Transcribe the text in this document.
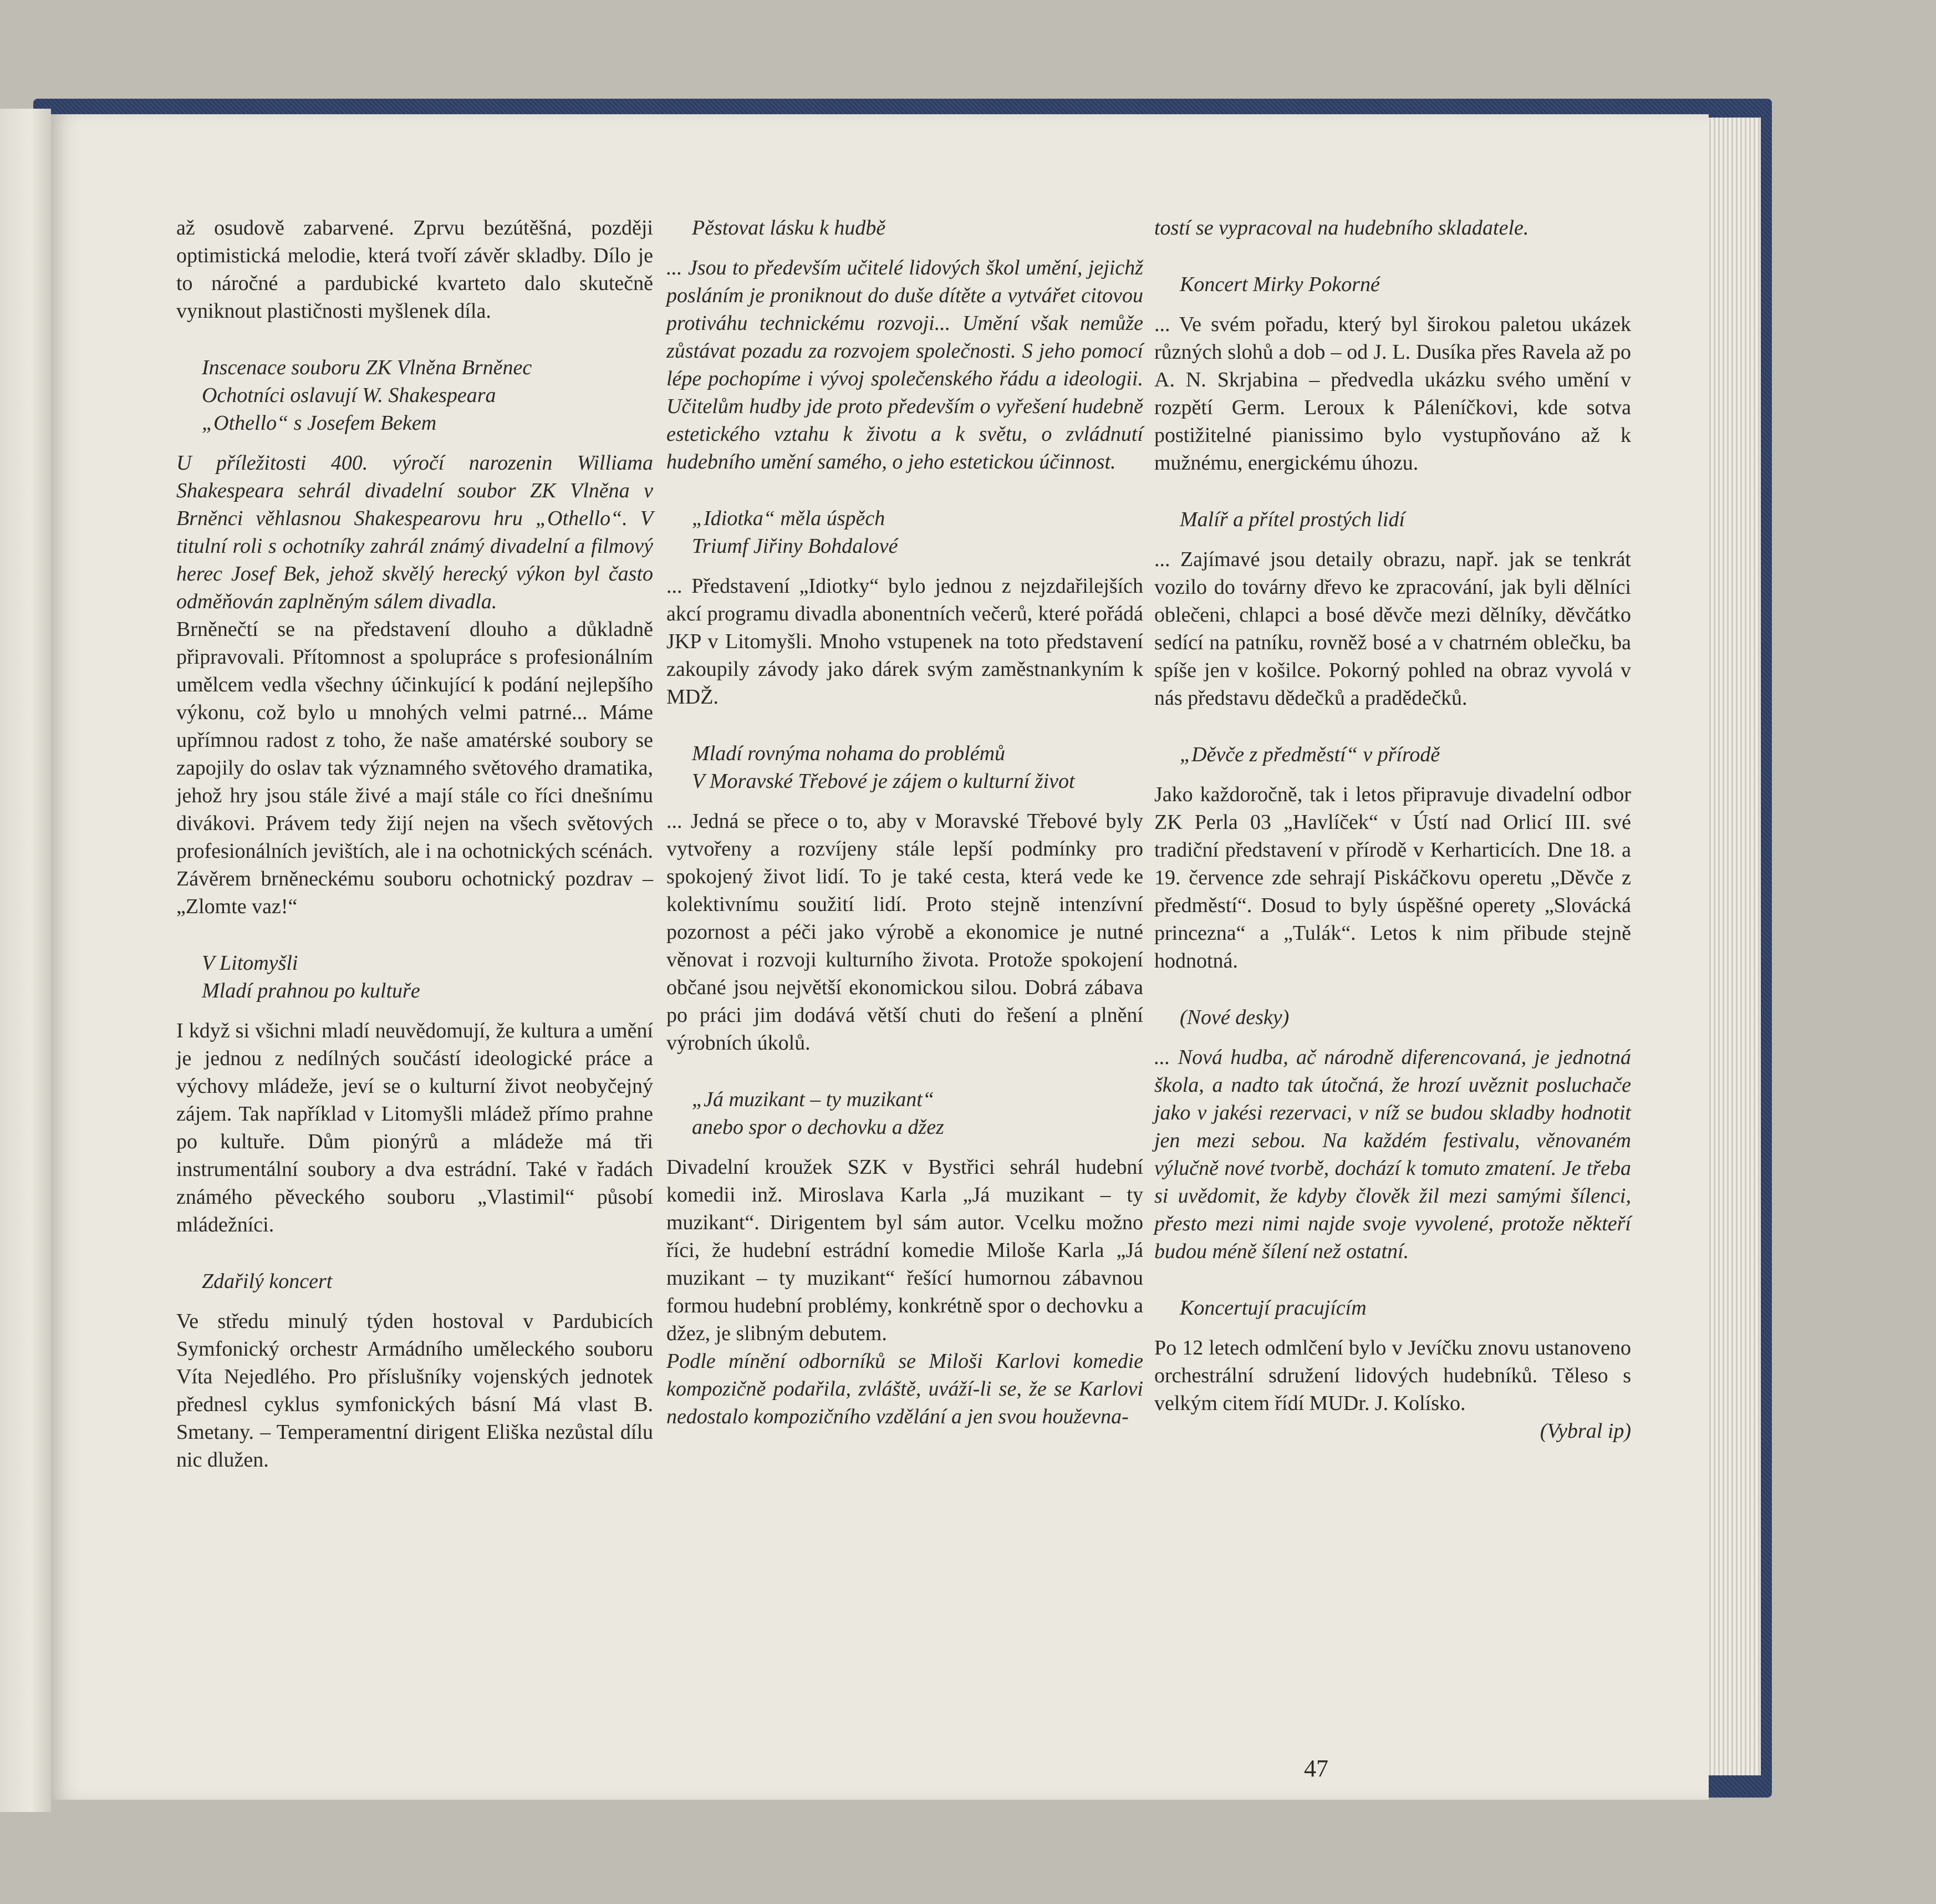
až osudově zabarvené. Zprvu bezútěšná, později optimistická melodie, která tvoří závěr skladby. Dílo je to náročné a pardubické kvarteto dalo skutečně vyniknout plastičnosti myšlenek díla.

Inscenace souboru ZK Vlněna Brněnec
Ochotníci oslavují W. Shakespeara
„Othello“ s Josefem Bekem

U příležitosti 400. výročí narozenin Williama Shakespeara sehrál divadelní soubor ZK Vlněna v Brněnci věhlasnou Shakespearovu hru „Othello“. V titulní roli s ochotníky zahrál známý divadelní a filmový herec Josef Bek, jehož skvělý herecký výkon byl často odměňován zaplněným sálem divadla.

Brněnečtí se na představení dlouho a důkladně připravovali. Přítomnost a spolupráce s profesionálním umělcem vedla všechny účinkující k podání nejlepšího výkonu, což bylo u mnohých velmi patrné... Máme upřímnou radost z toho, že naše amatérské soubory se zapojily do oslav tak významného světového dramatika, jehož hry jsou stále živé a mají stále co říci dnešnímu divákovi. Právem tedy žijí nejen na všech světových profesionálních jevištích, ale i na ochotnických scénách. Závěrem brněneckému souboru ochotnický pozdrav – „Zlomte vaz!“

V Litomyšli
Mladí prahnou po kultuře

I když si všichni mladí neuvědomují, že kultura a umění je jednou z nedílných součástí ideologické práce a výchovy mládeže, jeví se o kulturní život neobyčejný zájem. Tak například v Litomyšli mládež přímo prahne po kultuře. Dům pionýrů a mládeže má tři instrumentální soubory a dva estrádní. Také v řadách známého pěveckého souboru „Vlastimil“ působí mládežníci.

Zdařilý koncert

Ve středu minulý týden hostoval v Pardubicích Symfonický orchestr Armádního uměleckého souboru Víta Nejedlého. Pro příslušníky vojenských jednotek přednesl cyklus symfonických básní Má vlast B. Smetany. – Temperamentní dirigent Eliška nezůstal dílu nic dlužen.

Pěstovat lásku k hudbě

... Jsou to především učitelé lidových škol umění, jejichž posláním je proniknout do duše dítěte a vytvářet citovou protiváhu technickému rozvoji... Umění však nemůže zůstávat pozadu za rozvojem společnosti. S jeho pomocí lépe pochopíme i vývoj společenského řádu a ideologii. Učitelům hudby jde proto především o vyřešení hudebně estetického vztahu k životu a k světu, o zvládnutí hudebního umění samého, o jeho estetickou účinnost.

„Idiotka“ měla úspěch
Triumf Jiřiny Bohdalové

... Představení „Idiotky“ bylo jednou z nejzdařilejších akcí programu divadla abonentních večerů, které pořádá JKP v Litomyšli. Mnoho vstupenek na toto představení zakoupily závody jako dárek svým zaměstnankyním k MDŽ.

Mladí rovnýma nohama do problémů
V Moravské Třebové je zájem o kulturní život

... Jedná se přece o to, aby v Moravské Třebové byly vytvořeny a rozvíjeny stále lepší podmínky pro spokojený život lidí. To je také cesta, která vede ke kolektivnímu soužití lidí. Proto stejně intenzívní pozornost a péči jako výrobě a ekonomice je nutné věnovat i rozvoji kulturního života. Protože spokojení občané jsou největší ekonomickou silou. Dobrá zábava po práci jim dodává větší chuti do řešení a plnění výrobních úkolů.

„Já muzikant – ty muzikant“
anebo spor o dechovku a džez

Divadelní kroužek SZK v Bystřici sehrál hudební komedii inž. Miroslava Karla „Já muzikant – ty muzikant“. Dirigentem byl sám autor. Vcelku možno říci, že hudební estrádní komedie Miloše Karla „Já muzikant – ty muzikant“ řešící humornou zábavnou formou hudební problémy, konkrétně spor o dechovku a džez, je slibným debutem.

Podle mínění odborníků se Miloši Karlovi komedie kompozičně podařila, zvláště, uváží-li se, že se Karlovi nedostalo kompozičního vzdělání a jen svou houževna-

tostí se vypracoval na hudebního skladatele.

Koncert Mirky Pokorné

... Ve svém pořadu, který byl širokou paletou ukázek různých slohů a dob – od J. L. Dusíka přes Ravela až po A. N. Skrjabina – předvedla ukázku svého umění v rozpětí Germ. Leroux k Páleníčkovi, kde sotva postižitelné pianissimo bylo vystupňováno až k mužnému, energickému úhozu.

Malíř a přítel prostých lidí

... Zajímavé jsou detaily obrazu, např. jak se tenkrát vozilo do továrny dřevo ke zpracování, jak byli dělníci oblečeni, chlapci a bosé děvče mezi dělníky, děvčátko sedící na patníku, rovněž bosé a v chatrném oblečku, ba spíše jen v košilce. Pokorný pohled na obraz vyvolá v nás představu dědečků a pradědečků.

„Děvče z předměstí“ v přírodě

Jako každoročně, tak i letos připravuje divadelní odbor ZK Perla 03 „Havlíček“ v Ústí nad Orlicí III. své tradiční představení v přírodě v Kerharticích. Dne 18. a 19. července zde sehrají Piskáčkovu operetu „Děvče z předměstí“. Dosud to byly úspěšné operety „Slovácká princezna“ a „Tulák“. Letos k nim přibude stejně hodnotná.

(Nové desky)

... Nová hudba, ač národně diferencovaná, je jednotná škola, a nadto tak útočná, že hrozí uvěznit posluchače jako v jakési rezervaci, v níž se budou skladby hodnotit jen mezi sebou. Na každém festivalu, věnovaném výlučně nové tvorbě, dochází k tomuto zmatení. Je třeba si uvědomit, že kdyby člověk žil mezi samými šílenci, přesto mezi nimi najde svoje vyvolené, protože někteří budou méně šílení než ostatní.

Koncertují pracujícím

Po 12 letech odmlčení bylo v Jevíčku znovu ustanoveno orchestrální sdružení lidových hudebníků. Těleso s velkým citem řídí MUDr. J. Kolísko.

(Vybral ip)
47
